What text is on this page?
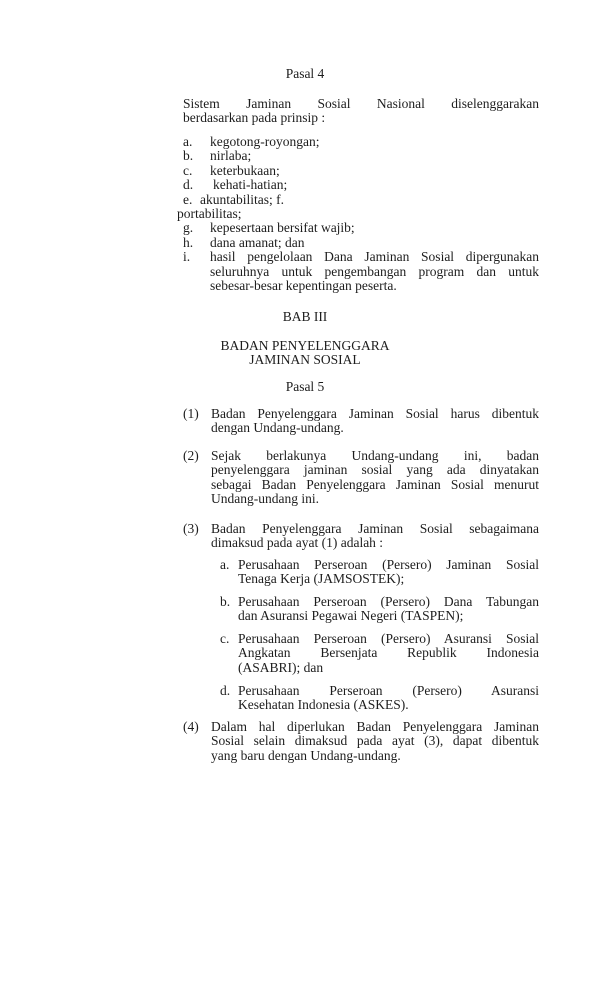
Pasal 4
Sistem Jaminan Sosial Nasional diselenggarakan
berdasarkan pada prinsip :
a.	kegotong-royongan;
b.	nirlaba;
c.	keterbukaan;
d.	kehati-hatian;
e. akuntabilitas; f.
portabilitas;
g.	kepesertaan bersifat wajib;
h.	dana amanat; dan
i.	hasil pengelolaan Dana Jaminan Sosial dipergunakan
seluruhnya untuk pengembangan program dan untuk
sebesar-besar kepentingan peserta.
BAB III
BADAN PENYELENGGARA
JAMINAN SOSIAL
Pasal 5
(1) Badan Penyelenggara Jaminan Sosial harus dibentuk
dengan Undang-undang.
(2) Sejak berlakunya Undang-undang ini, badan
penyelenggara jaminan sosial yang ada dinyatakan
sebagai Badan Penyelenggara Jaminan Sosial menurut
Undang-undang ini.
(3) Badan Penyelenggara Jaminan Sosial sebagaimana
dimaksud pada ayat (1) adalah :
a. Perusahaan Perseroan (Persero) Jaminan Sosial
Tenaga Kerja (JAMSOSTEK);
b. Perusahaan Perseroan (Persero) Dana Tabungan
dan Asuransi Pegawai Negeri (TASPEN);
c. Perusahaan Perseroan (Persero) Asuransi Sosial
Angkatan Bersenjata Republik Indonesia
(ASABRI); dan
d. Perusahaan Perseroan (Persero) Asuransi
Kesehatan Indonesia (ASKES).
(4) Dalam hal diperlukan Badan Penyelenggara Jaminan
Sosial selain dimaksud pada ayat (3), dapat dibentuk
yang baru dengan Undang-undang.
